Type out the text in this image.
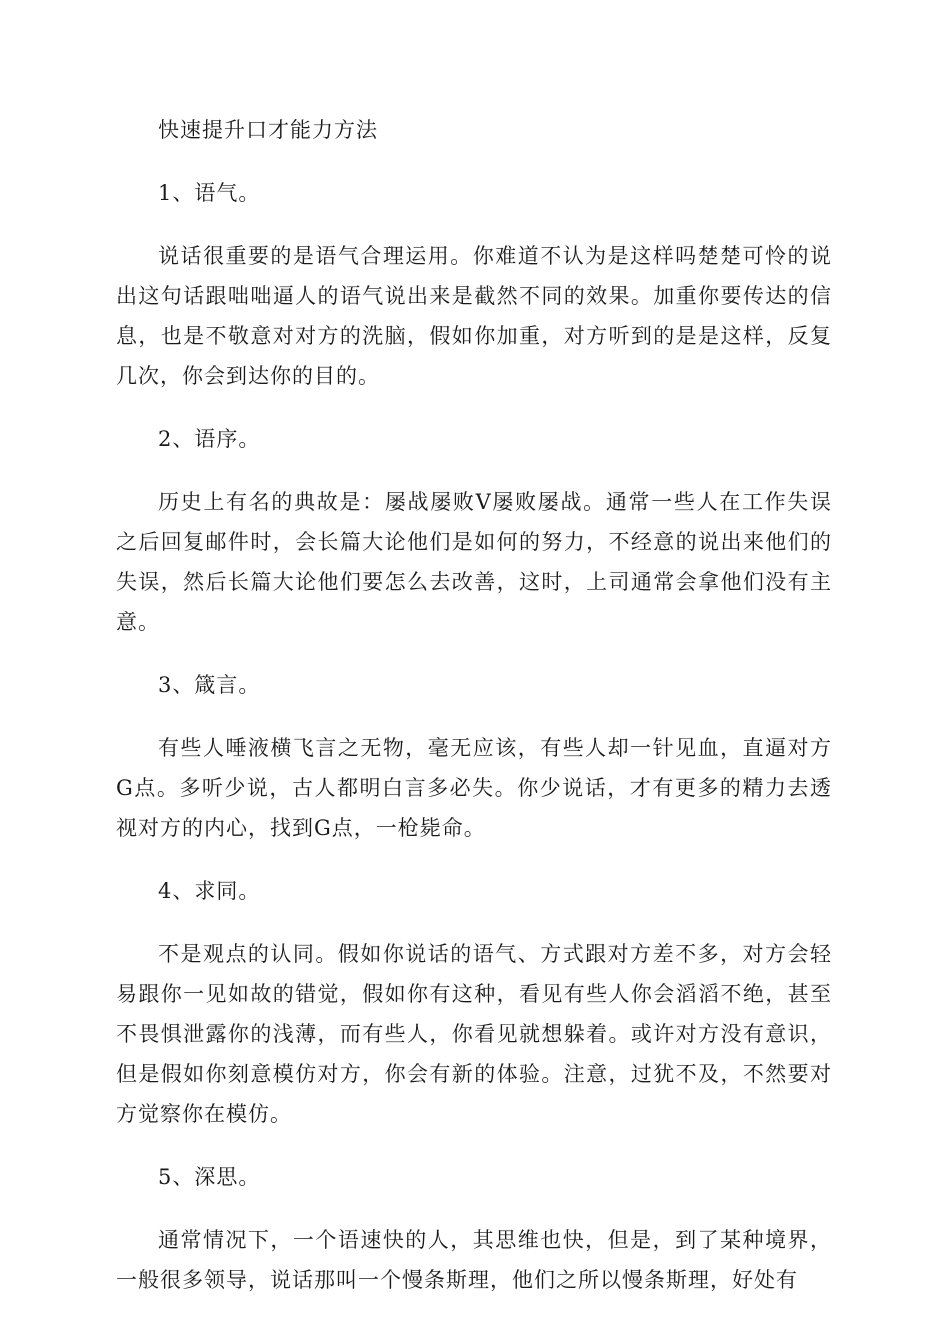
快速提升口才能力方法

1、语气。

说话很重要的是语气合理运用。你难道不认为是这样吗楚楚可怜的说出这句话跟咄咄逼人的语气说出来是截然不同的效果。加重你要传达的信息，也是不敬意对对方的洗脑，假如你加重，对方听到的是是这样，反复几次，你会到达你的目的。

2、语序。

历史上有名的典故是：屡战屡败Ⅴ屡败屡战。通常一些人在工作失误之后回复邮件时，会长篇大论他们是如何的努力，不经意的说出来他们的失误，然后长篇大论他们要怎么去改善，这时，上司通常会拿他们没有主意。

3、箴言。

有些人唾液横飞言之无物，毫无应该，有些人却一针见血，直逼对方G点。多听少说，古人都明白言多必失。你少说话，才有更多的精力去透视对方的内心，找到G点，一枪毙命。

4、求同。

不是观点的认同。假如你说话的语气、方式跟对方差不多，对方会轻易跟你一见如故的错觉，假如你有这种，看见有些人你会滔滔不绝，甚至不畏惧泄露你的浅薄，而有些人，你看见就想躲着。或许对方没有意识，但是假如你刻意模仿对方，你会有新的体验。注意，过犹不及，不然要对方觉察你在模仿。

5、深思。

通常情况下，一个语速快的人，其思维也快，但是，到了某种境界，一般很多领导，说话那叫一个慢条斯理，他们之所以慢条斯理，好处有
